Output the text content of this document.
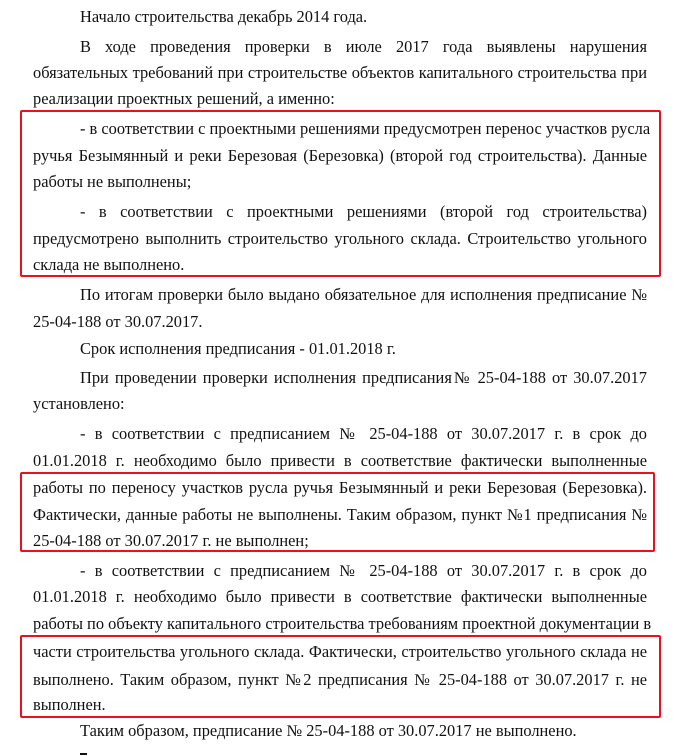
Начало строительства декабрь 2014 года.
В ходе проведения проверки в июле 2017 года выявлены нарушения
обязательных требований при строительстве объектов капитального строительства при
реализации проектных решений, а именно:
- в соответствии с проектными решениями предусмотрен перенос участков русла
ручья Безымянный и реки Березовая (Березовка) (второй год строительства). Данные
работы не выполнены;
- в соответствии с проектными решениями (второй год строительства)
предусмотрено выполнить строительство угольного склада. Строительство угольного
склада не выполнено.
По итогам проверки было выдано обязательное для исполнения предписание №
25-04-188 от 30.07.2017.
Срок исполнения предписания - 01.01.2018 г.
При проведении проверки исполнения предписания№ 25-04-188 от 30.07.2017
установлено:
- в соответствии с предписанием № 25-04-188 от 30.07.2017 г. в срок до
01.01.2018 г. необходимо было привести в соответствие фактически выполненные
работы по переносу участков русла ручья Безымянный и реки Березовая (Березовка).
Фактически, данные работы не выполнены. Таким образом, пункт №1 предписания №
25-04-188 от 30.07.2017 г. не выполнен;
- в соответствии с предписанием № 25-04-188 от 30.07.2017 г. в срок до
01.01.2018 г. необходимо было привести в соответствие фактически выполненные
работы по объекту капитального строительства требованиям проектной документации в
части строительства угольного склада. Фактически, строительство угольного склада не
выполнено. Таким образом, пункт №2 предписания № 25-04-188 от 30.07.2017 г. не
выполнен.
Таким образом, предписание № 25-04-188 от 30.07.2017 не выполнено.
